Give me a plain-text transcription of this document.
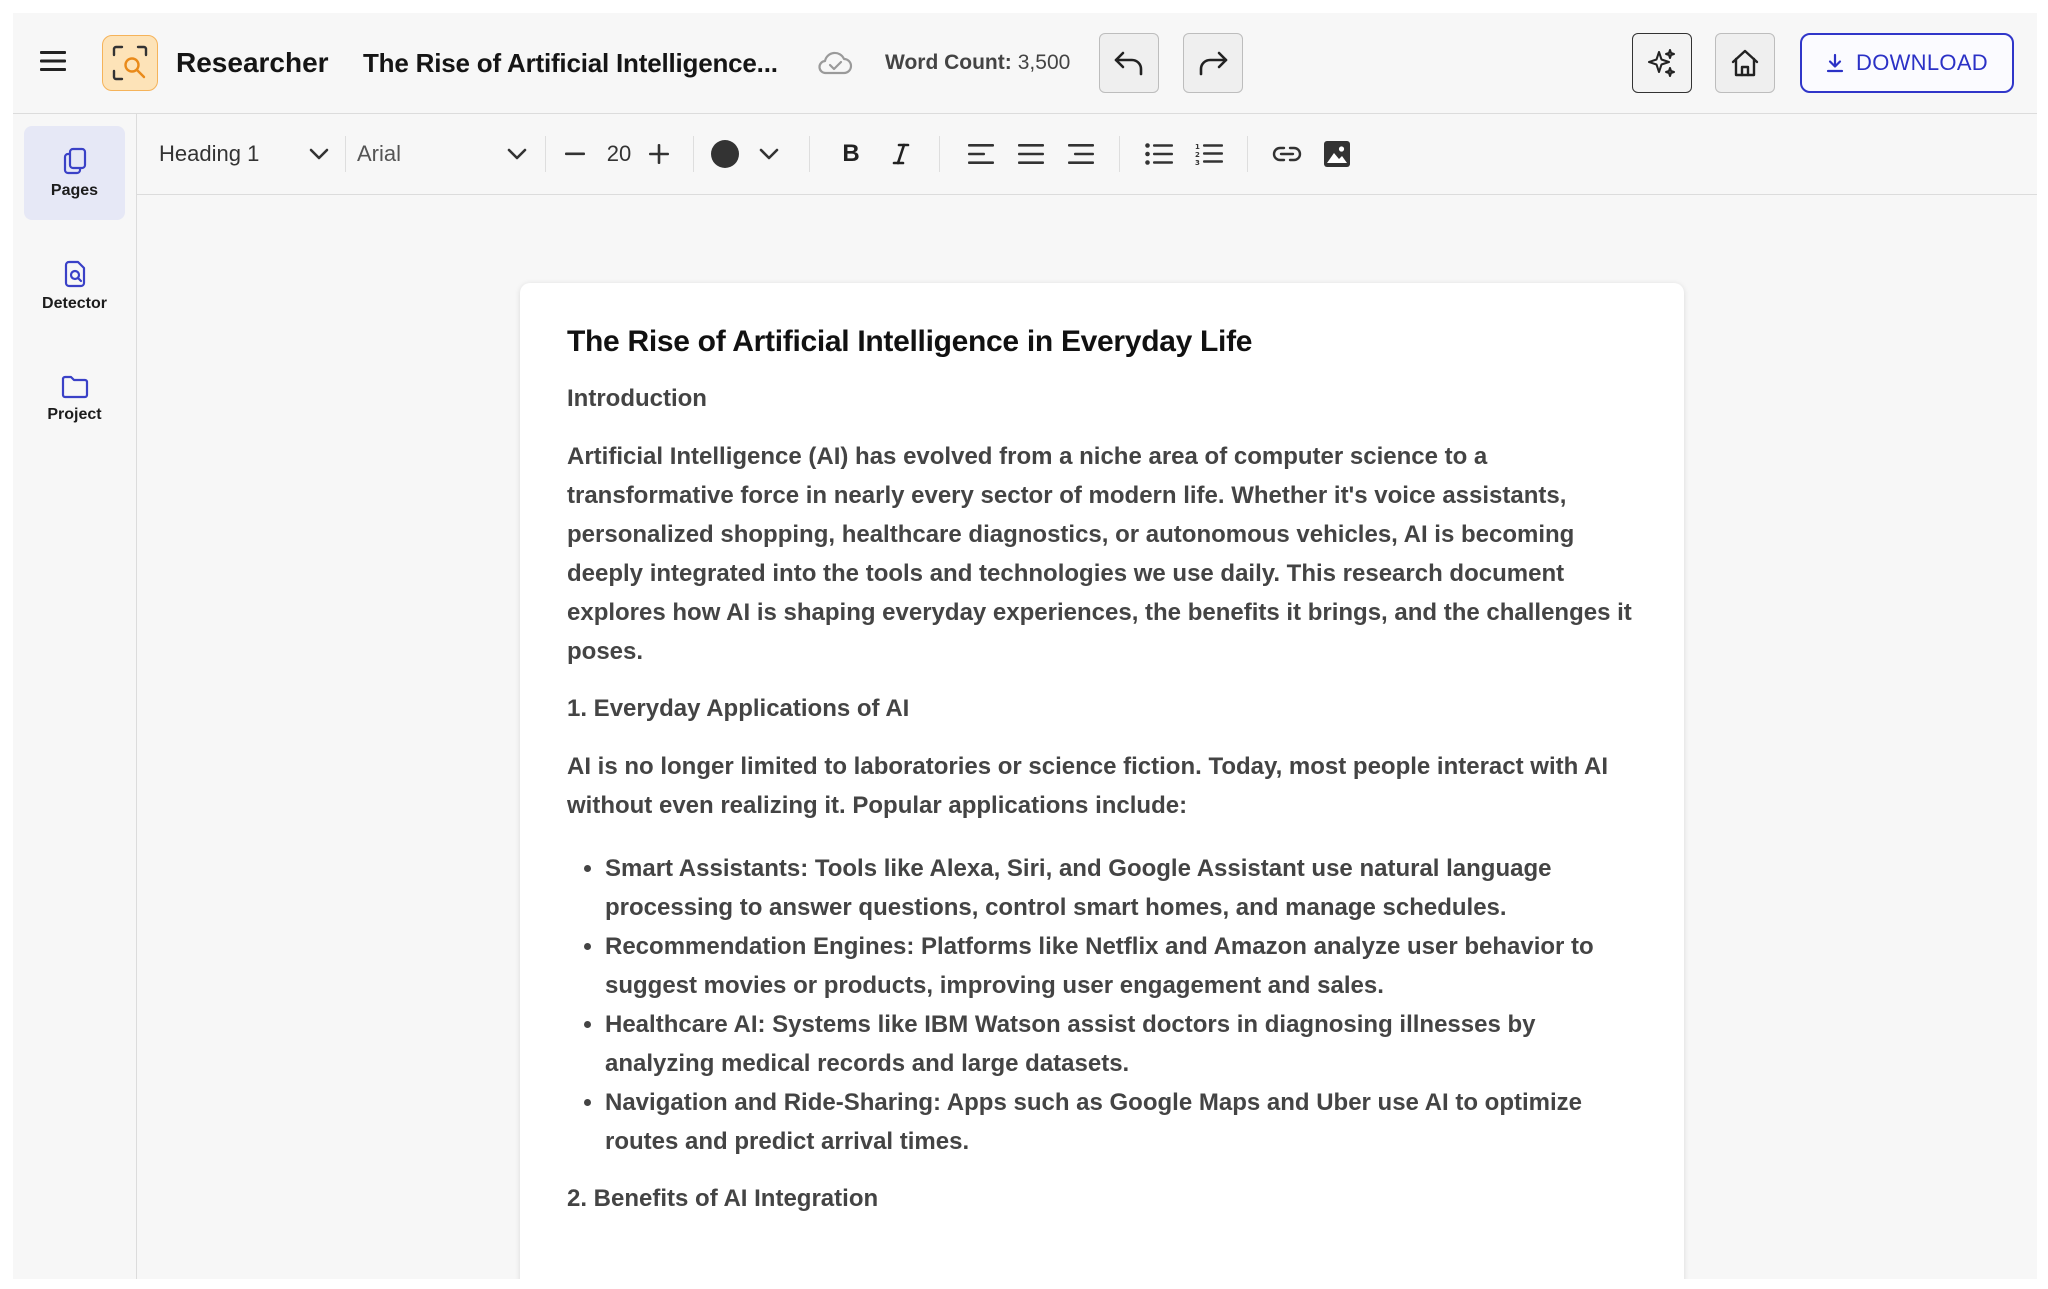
Researcher The Rise of Artificial Intelligence...	Word Count: 3,500	DOWNLOAD
Pages
Detector
Project
Heading 1	Arial	20	B	1
2
3
The Rise of Artificial Intelligence in Everyday Life
Introduction

Artificial Intelligence (AI) has evolved from a niche area of computer science to a transformative force in nearly every sector of modern life. Whether it's voice assistants, personalized shopping, healthcare diagnostics, or autonomous vehicles, AI is becoming deeply integrated into the tools and technologies we use daily. This research document explores how AI is shaping everyday experiences, the benefits it brings, and the challenges it poses.

1. Everyday Applications of AI

AI is no longer limited to laboratories or science fiction. Today, most people interact with AI without even realizing it. Popular applications include:

• Smart Assistants: Tools like Alexa, Siri, and Google Assistant use natural language processing to answer questions, control smart homes, and manage schedules.
• Recommendation Engines: Platforms like Netflix and Amazon analyze user behavior to suggest movies or products, improving user engagement and sales.
• Healthcare AI: Systems like IBM Watson assist doctors in diagnosing illnesses by analyzing medical records and large datasets.
• Navigation and Ride-Sharing: Apps such as Google Maps and Uber use AI to optimize routes and predict arrival times.
2. Benefits of AI Integration
